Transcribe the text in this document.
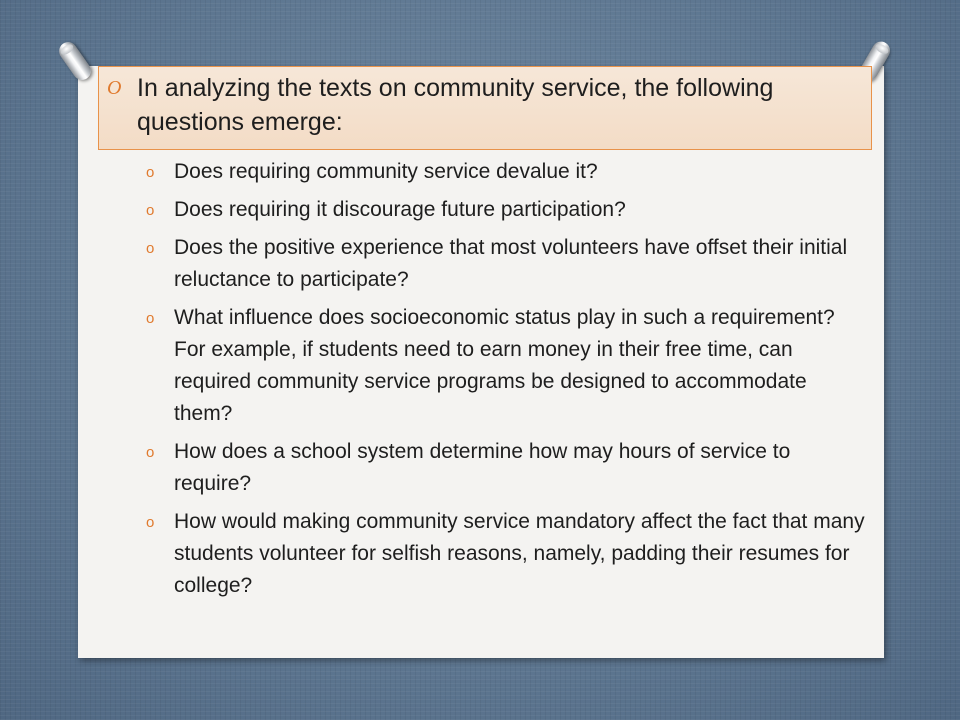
O In analyzing the texts on community service, the following questions emerge:
o Does requiring community service devalue it?
o Does requiring it discourage future participation?
o Does the positive experience that most volunteers have offset their initial reluctance to participate?
o What influence does socioeconomic status play in such a requirement? For example, if students need to earn money in their free time, can required community service programs be designed to accommodate them?
o How does a school system determine how may hours of service to require?
o How would making community service mandatory affect the fact that many students volunteer for selfish reasons, namely, padding their resumes for college?
